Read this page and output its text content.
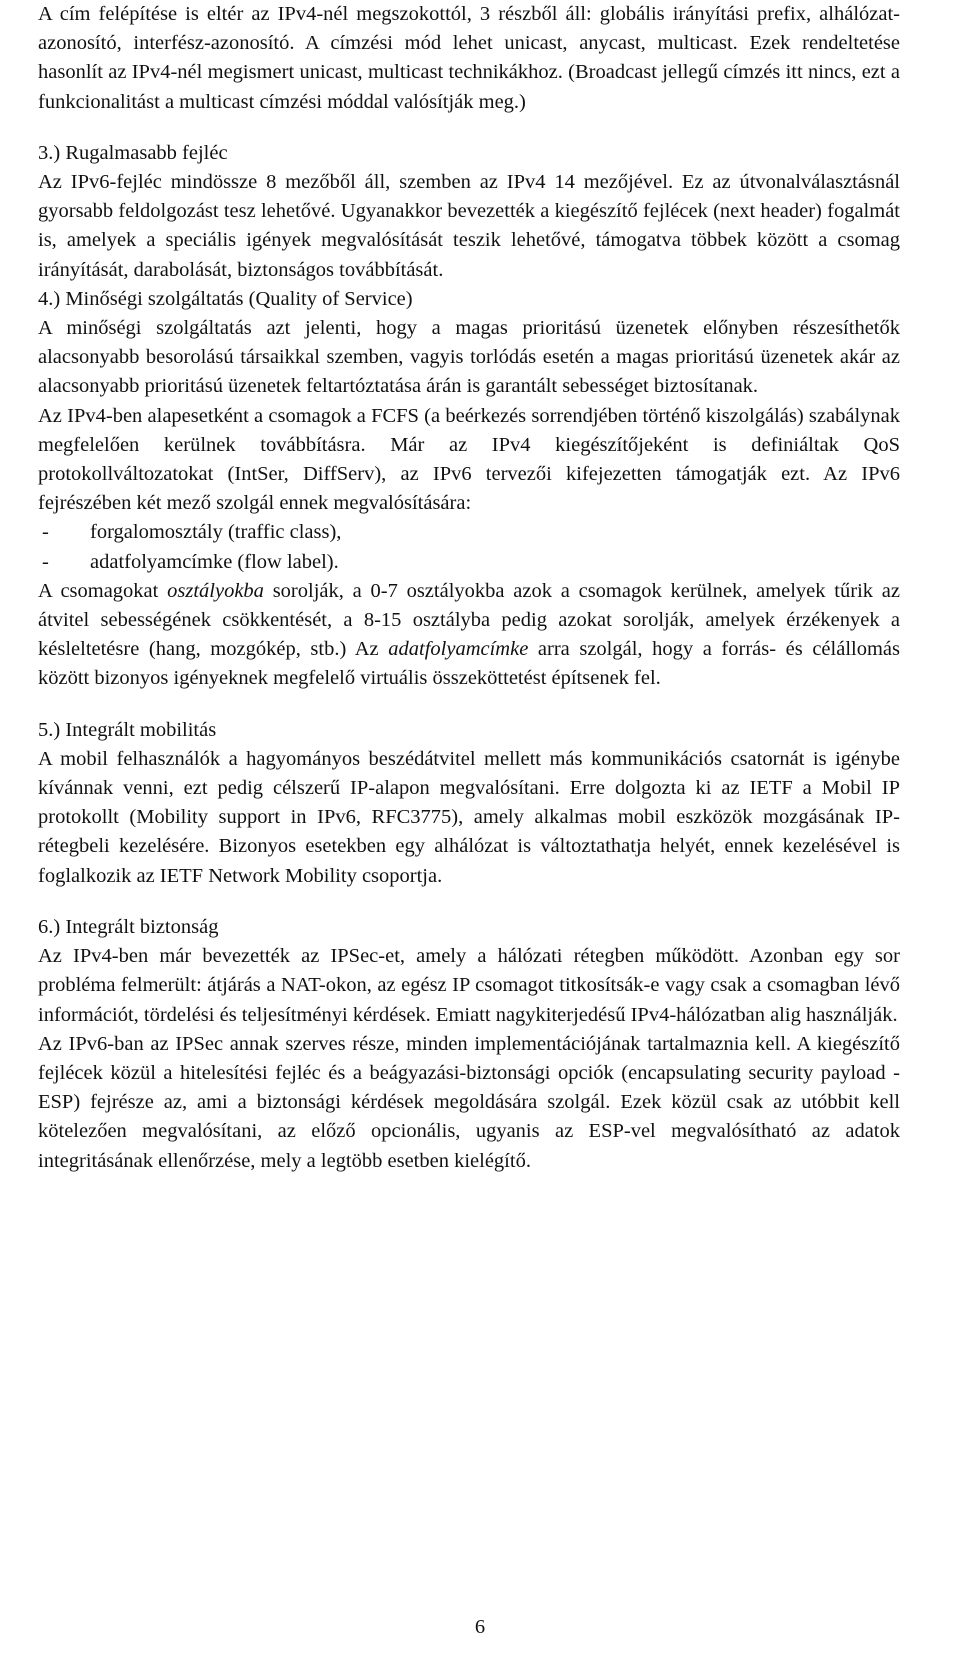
A cím felépítése is eltér az IPv4-nél megszokottól, 3 részből áll: globális irányítási prefix, alhálózat-azonosító, interfész-azonosító. A címzési mód lehet unicast, anycast, multicast. Ezek rendeltetése hasonlít az IPv4-nél megismert unicast, multicast technikákhoz. (Broadcast jellegű címzés itt nincs, ezt a funkcionalitást a multicast címzési móddal valósítják meg.)

3.) Rugalmasabb fejléc

Az IPv6-fejléc mindössze 8 mezőből áll, szemben az IPv4 14 mezőjével. Ez az útvonalválasztásnál gyorsabb feldolgozást tesz lehetővé. Ugyanakkor bevezették a kiegészítő fejlécek (next header) fogalmát is, amelyek a speciális igények megvalósítását teszik lehetővé, támogatva többek között a csomag irányítását, darabolását, biztonságos továbbítását.

4.) Minőségi szolgáltatás (Quality of Service)

A minőségi szolgáltatás azt jelenti, hogy a magas prioritású üzenetek előnyben részesíthetők alacsonyabb besorolású társaikkal szemben, vagyis torlódás esetén a magas prioritású üzenetek akár az alacsonyabb prioritású üzenetek feltartóztatása árán is garantált sebességet biztosítanak.

Az IPv4-ben alapesetként a csomagok a FCFS (a beérkezés sorrendjében történő kiszolgálás) szabálynak megfelelően kerülnek továbbításra. Már az IPv4 kiegészítőjeként is definiáltak QoS protokollváltozatokat (IntSer, DiffServ), az IPv6 tervezői kifejezetten támogatják ezt. Az IPv6 fejrészében két mező szolgál ennek megvalósítására:

- forgalomosztály (traffic class),

- adatfolyamcímke (flow label).

A csomagokat osztályokba sorolják, a 0-7 osztályokba azok a csomagok kerülnek, amelyek tűrik az átvitel sebességének csökkentését, a 8-15 osztályba pedig azokat sorolják, amelyek érzékenyek a késleltetésre (hang, mozgókép, stb.) Az adatfolyamcímke arra szolgál, hogy a forrás- és célállomás között bizonyos igényeknek megfelelő virtuális összeköttetést építsenek fel.

5.) Integrált mobilitás

A mobil felhasználók a hagyományos beszédátvitel mellett más kommunikációs csatornát is igénybe kívánnak venni, ezt pedig célszerű IP-alapon megvalósítani. Erre dolgozta ki az IETF a Mobil IP protokollt (Mobility support in IPv6, RFC3775), amely alkalmas mobil eszközök mozgásának IP-rétegbeli kezelésére. Bizonyos esetekben egy alhálózat is változtathatja helyét, ennek kezelésével is foglalkozik az IETF Network Mobility csoportja.

6.) Integrált biztonság

Az IPv4-ben már bevezették az IPSec-et, amely a hálózati rétegben működött. Azonban egy sor probléma felmerült: átjárás a NAT-okon, az egész IP csomagot titkosítsák-e vagy csak a csomagban lévő információt, tördelési és teljesítményi kérdések. Emiatt nagykiterjedésű IPv4-hálózatban alig használják.

Az IPv6-ban az IPSec annak szerves része, minden implementációjának tartalmaznia kell. A kiegészítő fejlécek közül a hitelesítési fejléc és a beágyazási-biztonsági opciók (encapsulating security payload - ESP) fejrésze az, ami a biztonsági kérdések megoldására szolgál. Ezek közül csak az utóbbit kell kötelezően megvalósítani, az előző opcionális, ugyanis az ESP-vel megvalósítható az adatok integritásának ellenőrzése, mely a legtöbb esetben kielégítő.

6
